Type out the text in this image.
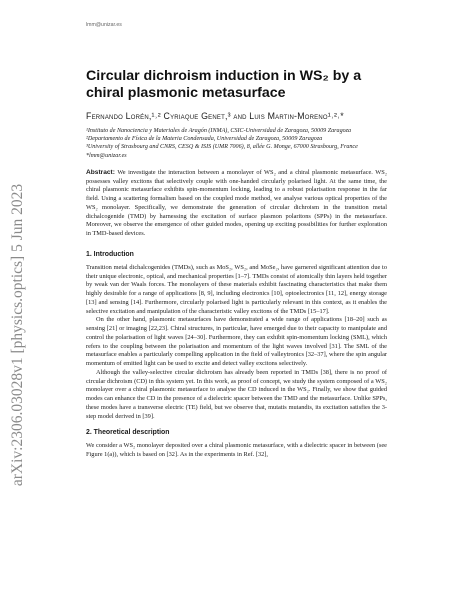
arXiv:2306.03028v1 [physics.optics] 5 Jun 2023
lmm@unizar.es
Circular dichroism induction in WS₂ by a chiral plasmonic metasurface
Fernando Lorén,¹˒² Cyriaque Genet,³ and Luis Martin-Moreno¹˒²˒*
¹Instituto de Nanociencia y Materiales de Aragón (INMA), CSIC-Universidad de Zaragoza, 50009 Zaragoza
²Departamento de Física de la Materia Condensada, Universidad de Zaragoza, 50009 Zaragoza
³University of Strasbourg and CNRS, CESQ & ISIS (UMR 7006), 8, allée G. Monge, 67000 Strasbourg, France
*lmm@unizar.es
Abstract: We investigate the interaction between a monolayer of WS₂ and a chiral plasmonic metasurface. WS₂ possesses valley excitons that selectively couple with one-handed circularly polarised light. At the same time, the chiral plasmonic metasurface exhibits spin-momentum locking, leading to a robust polarisation response in the far field. Using a scattering formalism based on the coupled mode method, we analyse various optical properties of the WS₂ monolayer. Specifically, we demonstrate the generation of circular dichroism in the transition metal dichalcogenide (TMD) by harnessing the excitation of surface plasmon polaritons (SPPs) in the metasurface. Moreover, we observe the emergence of other guided modes, opening up exciting possibilities for further exploration in TMD-based devices.
1. Introduction

Transition metal dichalcogenides (TMDs), such as MoS₂, WS₂, and MoSe₂, have garnered significant attention due to their unique electronic, optical, and mechanical properties [1–7]. TMDs consist of atomically thin layers held together by weak van der Waals forces. The monolayers of these materials exhibit fascinating characteristics that make them highly desirable for a range of applications [8, 9], including electronics [10], optoelectronics [11, 12], energy storage [13] and sensing [14]. Furthermore, circularly polarised light is particularly relevant in this context, as it enables the selective excitation and manipulation of the characteristic valley excitons of the TMDs [15–17].

On the other hand, plasmonic metasurfaces have demonstrated a wide range of applications [18–20] such as sensing [21] or imaging [22,23]. Chiral structures, in particular, have emerged due to their capacity to manipulate and control the polarisation of light waves [24–30]. Furthermore, they can exhibit spin-momentum locking (SML), which refers to the coupling between the polarisation and momentum of the light waves involved [31]. The SML of the metasurface enables a particularly compelling application in the field of valleytronics [32–37], where the spin angular momentum of emitted light can be used to excite and detect valley excitons selectively.

Although the valley-selective circular dichroism has already been reported in TMDs [38], there is no proof of circular dichroism (CD) in this system yet. In this work, as proof of concept, we study the system composed of a WS₂ monolayer over a chiral plasmonic metasurface to analyse the CD induced in the WS₂. Finally, we show that guided modes can enhance the CD in the presence of a dielectric spacer between the TMD and the metasurface. Unlike SPPs, these modes have a transverse electric (TE) field, but we observe that, mutatis mutandis, its excitation satisfies the 3-step model derived in [39].

2. Theoretical description

We consider a WS₂ monolayer deposited over a chiral plasmonic metasurface, with a dielectric spacer in between (see Figure 1(a)), which is based on [32]. As in the experiments in Ref. [32],
